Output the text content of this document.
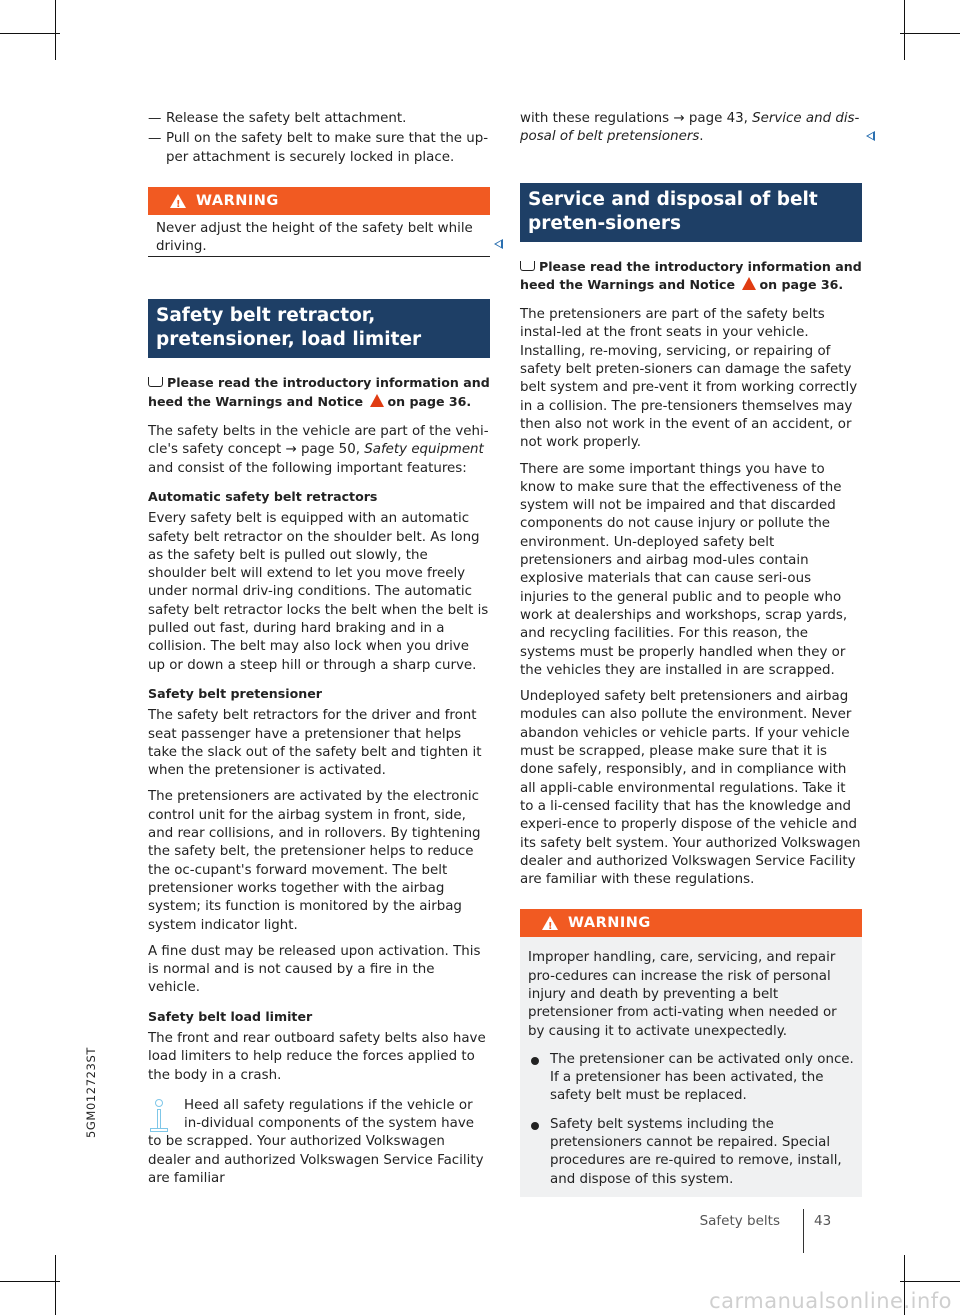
— Release the safety belt attachment.
— Pull on the safety belt to make sure that the up-per attachment is securely locked in place.
!
WARNING
Never adjust the height of the safety belt while driving.
Safety belt retractor, pretensioner, load limiter

Please read the introductory information and heed the Warnings and Notice on page 36.

The safety belts in the vehicle are part of the vehi-cle's safety concept → page 50, Safety equipment and consist of the following important features:

Automatic safety belt retractors

Every safety belt is equipped with an automatic safety belt retractor on the shoulder belt. As long as the safety belt is pulled out slowly, the shoulder belt will extend to let you move freely under normal driv-ing conditions. The automatic safety belt retractor locks the belt when the belt is pulled out fast, during hard braking and in a collision. The belt may also lock when you drive up or down a steep hill or through a sharp curve.

Safety belt pretensioner

The safety belt retractors for the driver and front seat passenger have a pretensioner that helps take the slack out of the safety belt and tighten it when the pretensioner is activated.

The pretensioners are activated by the electronic control unit for the airbag system in front, side, and rear collisions, and in rollovers. By tightening the safety belt, the pretensioner helps to reduce the oc-cupant's forward movement. The belt pretensioner works together with the airbag system; its function is monitored by the airbag system indicator light.

A fine dust may be released upon activation. This is normal and is not caused by a fire in the vehicle.

Safety belt load limiter

The front and rear outboard safety belts also have load limiters to help reduce the forces applied to the body in a crash.

Heed all safety regulations if the vehicle or in-dividual components of the system have to be scrapped. Your authorized Volkswagen dealer and authorized Volkswagen Service Facility are familiar

with these regulations → page 43, Service and dis-posal of belt pretensioners.

Service and disposal of belt preten-sioners

Please read the introductory information and heed the Warnings and Notice on page 36.

The pretensioners are part of the safety belts instal-led at the front seats in your vehicle. Installing, re-moving, servicing, or repairing of safety belt preten-sioners can damage the safety belt system and pre-vent it from working correctly in a collision. The pre-tensioners themselves may then also not work in the event of an accident, or not work properly.

There are some important things you have to know to make sure that the effectiveness of the system will not be impaired and that discarded components do not cause injury or pollute the environment. Un-deployed safety belt pretensioners and airbag mod-ules contain explosive materials that can cause seri-ous injuries to the general public and to people who work at dealerships and workshops, scrap yards, and recycling facilities. For this reason, the systems must be properly handled when they or the vehicles they are installed in are scrapped.

Undeployed safety belt pretensioners and airbag modules can also pollute the environment. Never abandon vehicles or vehicle parts. If your vehicle must be scrapped, please make sure that it is done safely, responsibly, and in compliance with all appli-cable environmental regulations. Take it to a li-censed facility that has the knowledge and experi-ence to properly dispose of the vehicle and its safety belt system. Your authorized Volkswagen dealer and authorized Volkswagen Service Facility are familiar with these regulations.

!
WARNING

Improper handling, care, servicing, and repair pro-cedures can increase the risk of personal injury and death by preventing a belt pretensioner from acti-vating when needed or by causing it to activate unexpectedly.

The pretensioner can be activated only once. If a pretensioner has been activated, the safety belt must be replaced.
Safety belt systems including the pretensioners cannot be repaired. Special procedures are re-quired to remove, install, and dispose of this system.
5GM012723ST
Safety belts	43
carmanualsonline.info
